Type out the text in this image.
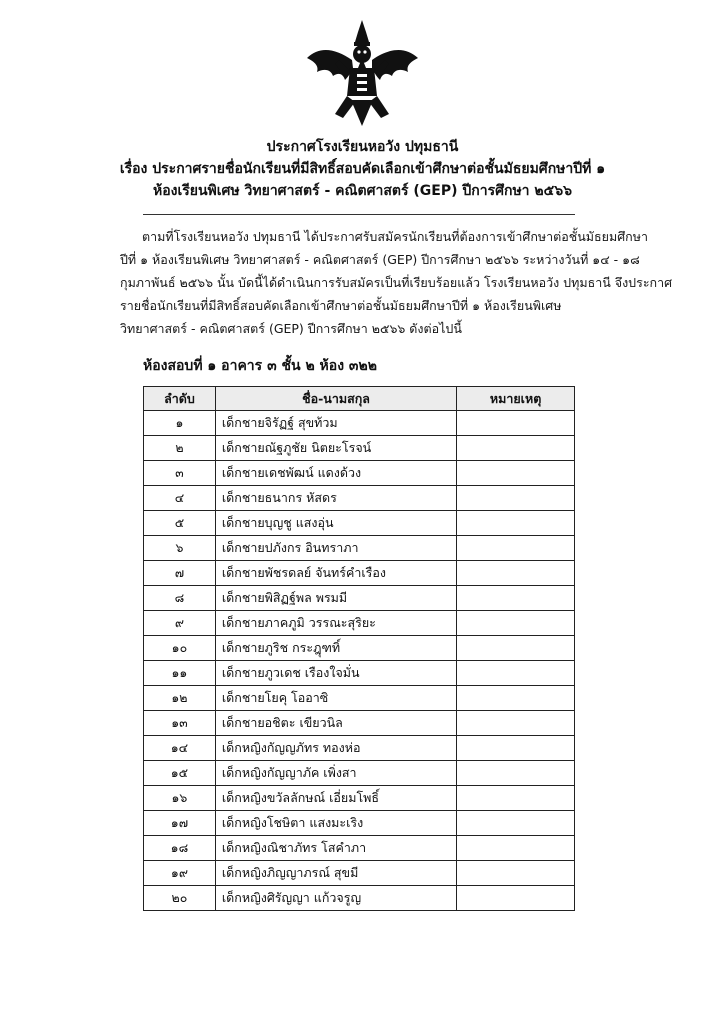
ประกาศโรงเรียนหอวัง ปทุมธานี
เรื่อง ประกาศรายชื่อนักเรียนที่มีสิทธิ์สอบคัดเลือกเข้าศึกษาต่อชั้นมัธยมศึกษาปีที่ ๑
ห้องเรียนพิเศษ วิทยาศาสตร์ - คณิตศาสตร์ (GEP) ปีการศึกษา ๒๕๖๖
ตามที่โรงเรียนหอวัง ปทุมธานี ได้ประกาศรับสมัครนักเรียนที่ต้องการเข้าศึกษาต่อชั้นมัธยมศึกษา
ปีที่ ๑ ห้องเรียนพิเศษ วิทยาศาสตร์ - คณิตศาสตร์ (GEP) ปีการศึกษา ๒๕๖๖ ระหว่างวันที่ ๑๔ - ๑๘
กุมภาพันธ์ ๒๕๖๖ นั้น บัดนี้ได้ดำเนินการรับสมัครเป็นที่เรียบร้อยแล้ว โรงเรียนหอวัง ปทุมธานี จึงประกาศ
รายชื่อนักเรียนที่มีสิทธิ์สอบคัดเลือกเข้าศึกษาต่อชั้นมัธยมศึกษาปีที่ ๑ ห้องเรียนพิเศษ
วิทยาศาสตร์ - คณิตศาสตร์ (GEP) ปีการศึกษา ๒๕๖๖ ดังต่อไปนี้
ห้องสอบที่ ๑ อาคาร ๓ ชั้น ๒ ห้อง ๓๒๒
ลำดับ	ชื่อ-นามสกุล	หมายเหตุ
๑	เด็กชายจิรัฏฐ์ สุขท้วม	
๒	เด็กชายณัฐภูชัย นิตยะโรจน์	
๓	เด็กชายเดชพัฒน์ แดงด้วง	
๔	เด็กชายธนากร หัสดร	
๕	เด็กชายบุญชู แสงอุ่น	
๖	เด็กชายปภังกร อินทราภา	
๗	เด็กชายพัชรดลย์ จันทร์คำเรือง	
๘	เด็กชายพิสิฏฐ์พล พรมมี	
๙	เด็กชายภาคภูมิ วรรณะสุริยะ	
๑๐	เด็กชายภูริช กระฎุฑทิ์	
๑๑	เด็กชายภูวเดช เรืองใจมั่น	
๑๒	เด็กชายโยคุ โออาซิ	
๑๓	เด็กชายอชิตะ เขียวนิล	
๑๔	เด็กหญิงกัญญภัทร ทองห่อ	
๑๕	เด็กหญิงกัญญาภัค เพิ่งสา	
๑๖	เด็กหญิงขวัลลักษณ์ เอี่ยมโพธิ์	
๑๗	เด็กหญิงโชษิตา แสงมะเริง	
๑๘	เด็กหญิงณิชาภัทร โสคำภา	
๑๙	เด็กหญิงภิญญาภรณ์ สุขมี	
๒๐	เด็กหญิงศิรัญญา แก้วจรูญ	
